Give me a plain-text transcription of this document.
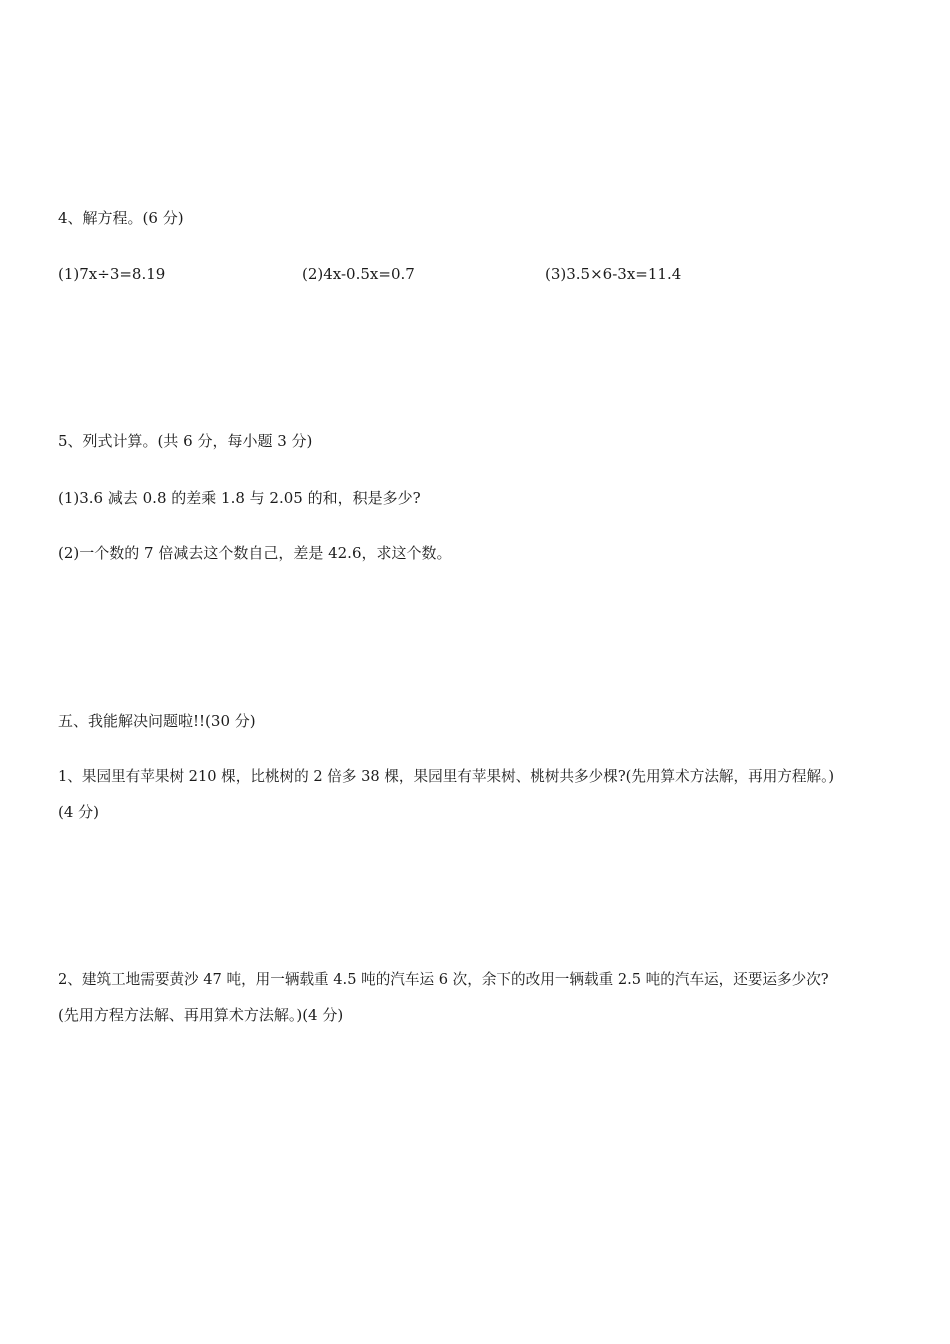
4、解方程。(6 分)
(1)7x÷3=8.19	(2)4x-0.5x=0.7	(3)3.5×6-3x=11.4
5、列式计算。(共 6 分，每小题 3 分)
(1)3.6 减去 0.8 的差乘 1.8 与 2.05 的和，积是多少?
(2)一个数的 7 倍减去这个数自己，差是 42.6，求这个数。
五、我能解决问题啦!!(30 分)
1、果园里有苹果树 210 棵，比桃树的 2 倍多 38 棵，果园里有苹果树、桃树共多少棵?(先用算术方法解，再用方程解。)
(4 分)
2、建筑工地需要黄沙 47 吨，用一辆载重 4.5 吨的汽车运 6 次，余下的改用一辆载重 2.5 吨的汽车运，还要运多少次?
(先用方程方法解、再用算术方法解。)(4 分)
